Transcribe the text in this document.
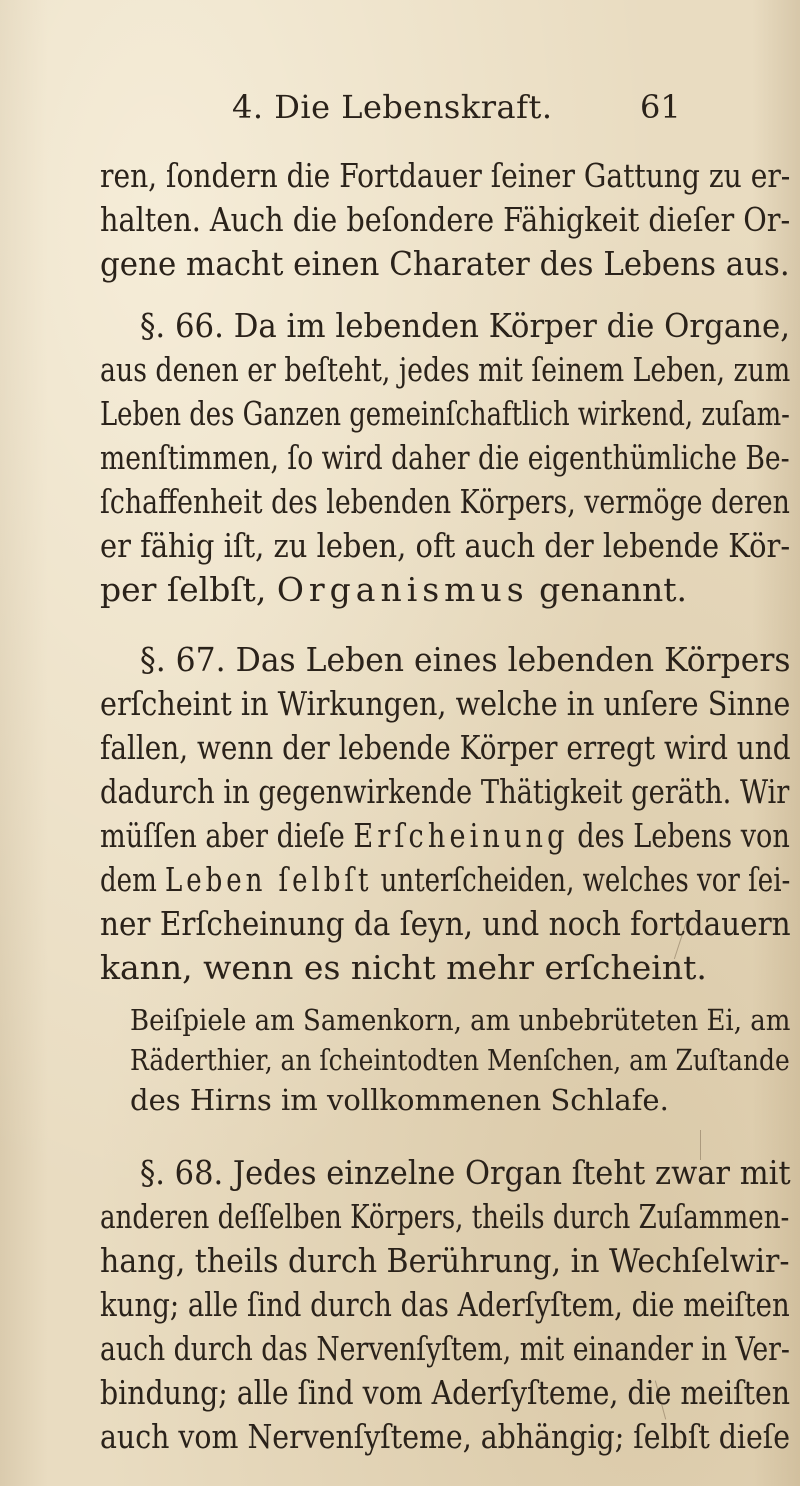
4. Die Lebenskraft.	61
ren, ſondern die Fortdauer ſeiner Gattung zu er-
halten. Auch die beſondere Fähigkeit dieſer Or-
gene macht einen Charater des Lebens aus.
§. 66. Da im lebenden Körper die Organe,
aus denen er beſteht, jedes mit ſeinem Leben, zum
Leben des Ganzen gemeinſchaftlich wirkend, zuſam-
menſtimmen, ſo wird daher die eigenthümliche Be-
ſchaffenheit des lebenden Körpers, vermöge deren
er fähig iſt, zu leben, oft auch der lebende Kör-
per ſelbſt, Organismus genannt.
§. 67. Das Leben eines lebenden Körpers
erſcheint in Wirkungen, welche in unſere Sinne
fallen, wenn der lebende Körper erregt wird und
dadurch in gegenwirkende Thätigkeit geräth. Wir
müſſen aber dieſe Erſcheinung des Lebens von
dem Leben ſelbſt unterſcheiden, welches vor ſei-
ner Erſcheinung da ſeyn, und noch fortdauern
kann, wenn es nicht mehr erſcheint.
Beiſpiele am Samenkorn, am unbebrüteten Ei, am
Räderthier, an ſcheintodten Menſchen, am Zuſtande
des Hirns im vollkommenen Schlafe.
§. 68. Jedes einzelne Organ ſteht zwar mit
anderen deſſelben Körpers, theils durch Zuſammen-
hang, theils durch Berührung, in Wechſelwir-
kung; alle ſind durch das Aderſyſtem, die meiſten
auch durch das Nervenſyſtem, mit einander in Ver-
bindung; alle ſind vom Aderſyſteme, die meiſten
auch vom Nervenſyſteme, abhängig; ſelbſt dieſe
